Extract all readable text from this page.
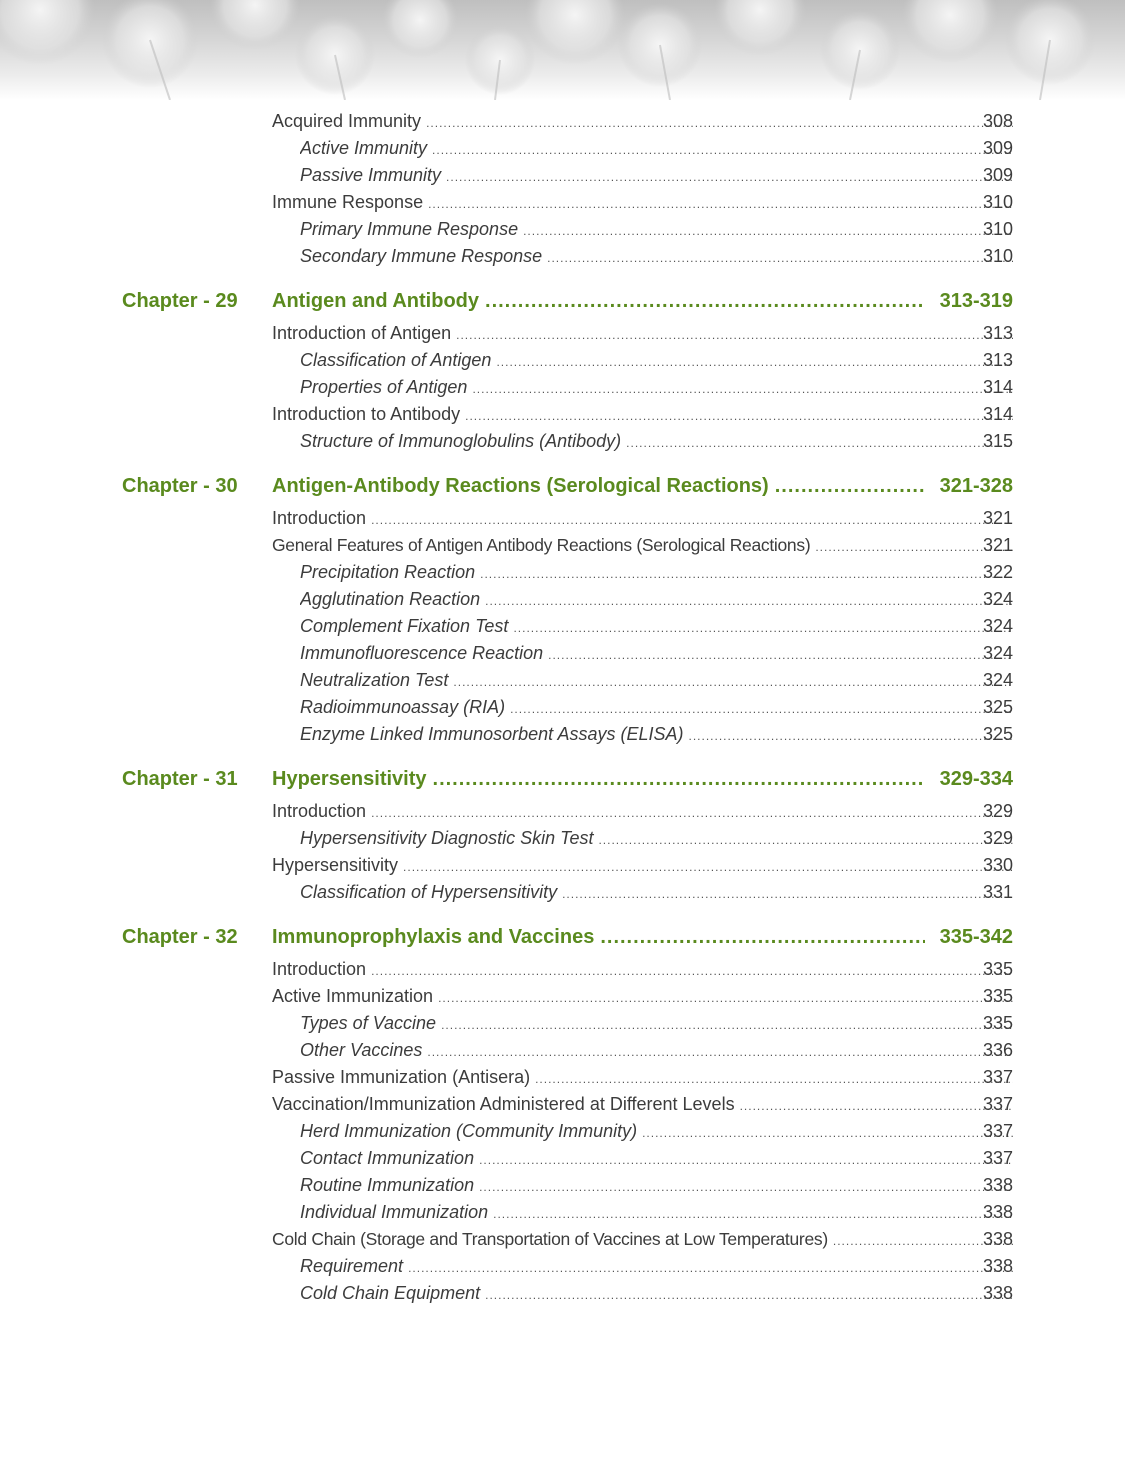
Acquired Immunity .....	308
Active Immunity .....	309
Passive Immunity .....	309
Immune Response .....	310
Primary Immune Response .....	310
Secondary Immune Response .....	310
Chapter - 29 Antigen and Antibody .....	313-319
Introduction of Antigen .....	313
Classification of Antigen .....	313
Properties of Antigen .....	314
Introduction to Antibody .....	314
Structure of Immunoglobulins (Antibody) .....	315
Chapter - 30 Antigen-Antibody Reactions (Serological Reactions) .....	321-328
Introduction .....	321
General Features of Antigen Antibody Reactions (Serological Reactions) .....	321
Precipitation Reaction .....	322
Agglutination Reaction .....	324
Complement Fixation Test .....	324
Immunofluorescence Reaction .....	324
Neutralization Test .....	324
Radioimmunoassay (RIA) .....	325
Enzyme Linked Immunosorbent Assays (ELISA) .....	325
Chapter - 31 Hypersensitivity .....	329-334
Introduction .....	329
Hypersensitivity Diagnostic Skin Test .....	329
Hypersensitivity .....	330
Classification of Hypersensitivity .....	331
Chapter - 32 Immunoprophylaxis and Vaccines .....	335-342
Introduction .....	335
Active Immunization .....	335
Types of Vaccine .....	335
Other Vaccines .....	336
Passive Immunization (Antisera) .....	337
Vaccination/Immunization Administered at Different Levels .....	337
Herd Immunization (Community Immunity) .....	337
Contact Immunization .....	337
Routine Immunization .....	338
Individual Immunization .....	338
Cold Chain (Storage and Transportation of Vaccines at Low Temperatures) .....	338
Requirement .....	338
Cold Chain Equipment .....	338
